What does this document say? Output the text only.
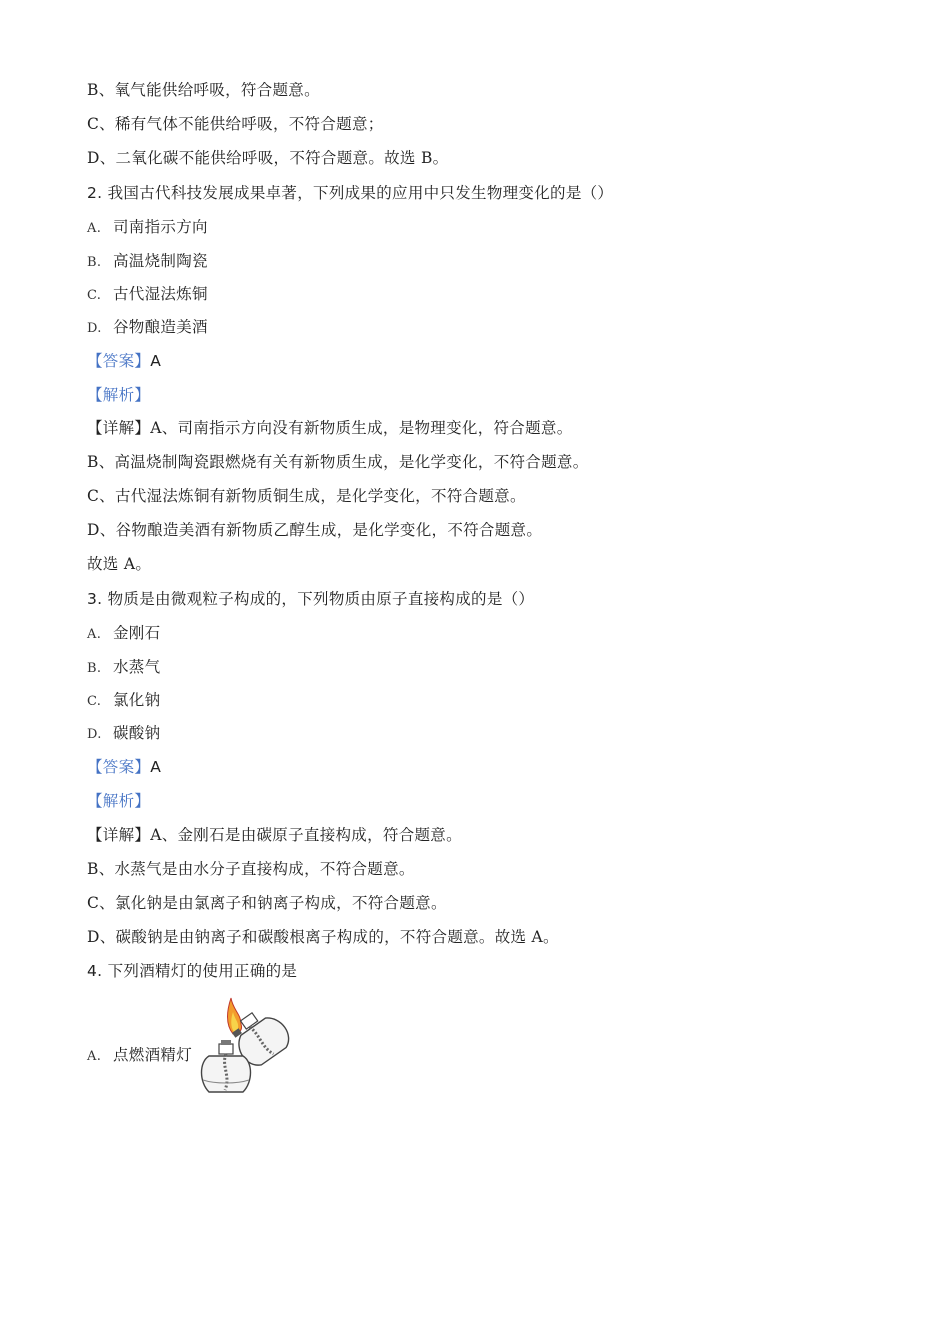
B、氧气能供给呼吸，符合题意。
C、稀有气体不能供给呼吸，不符合题意；
D、二氧化碳不能供给呼吸，不符合题意。故选 B。
2. 我国古代科技发展成果卓著，下列成果的应用中只发生物理变化的是（）
A. 司南指示方向
B. 高温烧制陶瓷
C. 古代湿法炼铜
D. 谷物酿造美酒
【答案】A
【解析】
【详解】A、司南指示方向没有新物质生成，是物理变化，符合题意。
B、高温烧制陶瓷跟燃烧有关有新物质生成，是化学变化，不符合题意。
C、古代湿法炼铜有新物质铜生成，是化学变化，不符合题意。
D、谷物酿造美酒有新物质乙醇生成，是化学变化，不符合题意。
故选 A。
3. 物质是由微观粒子构成的，下列物质由原子直接构成的是（）
A. 金刚石
B. 水蒸气
C. 氯化钠
D. 碳酸钠
【答案】A
【解析】
【详解】A、金刚石是由碳原子直接构成，符合题意。
B、水蒸气是由水分子直接构成，不符合题意。
C、氯化钠是由氯离子和钠离子构成，不符合题意。
D、碳酸钠是由钠离子和碳酸根离子构成的，不符合题意。故选 A。
4. 下列酒精灯的使用正确的是
A. 点燃酒精灯
